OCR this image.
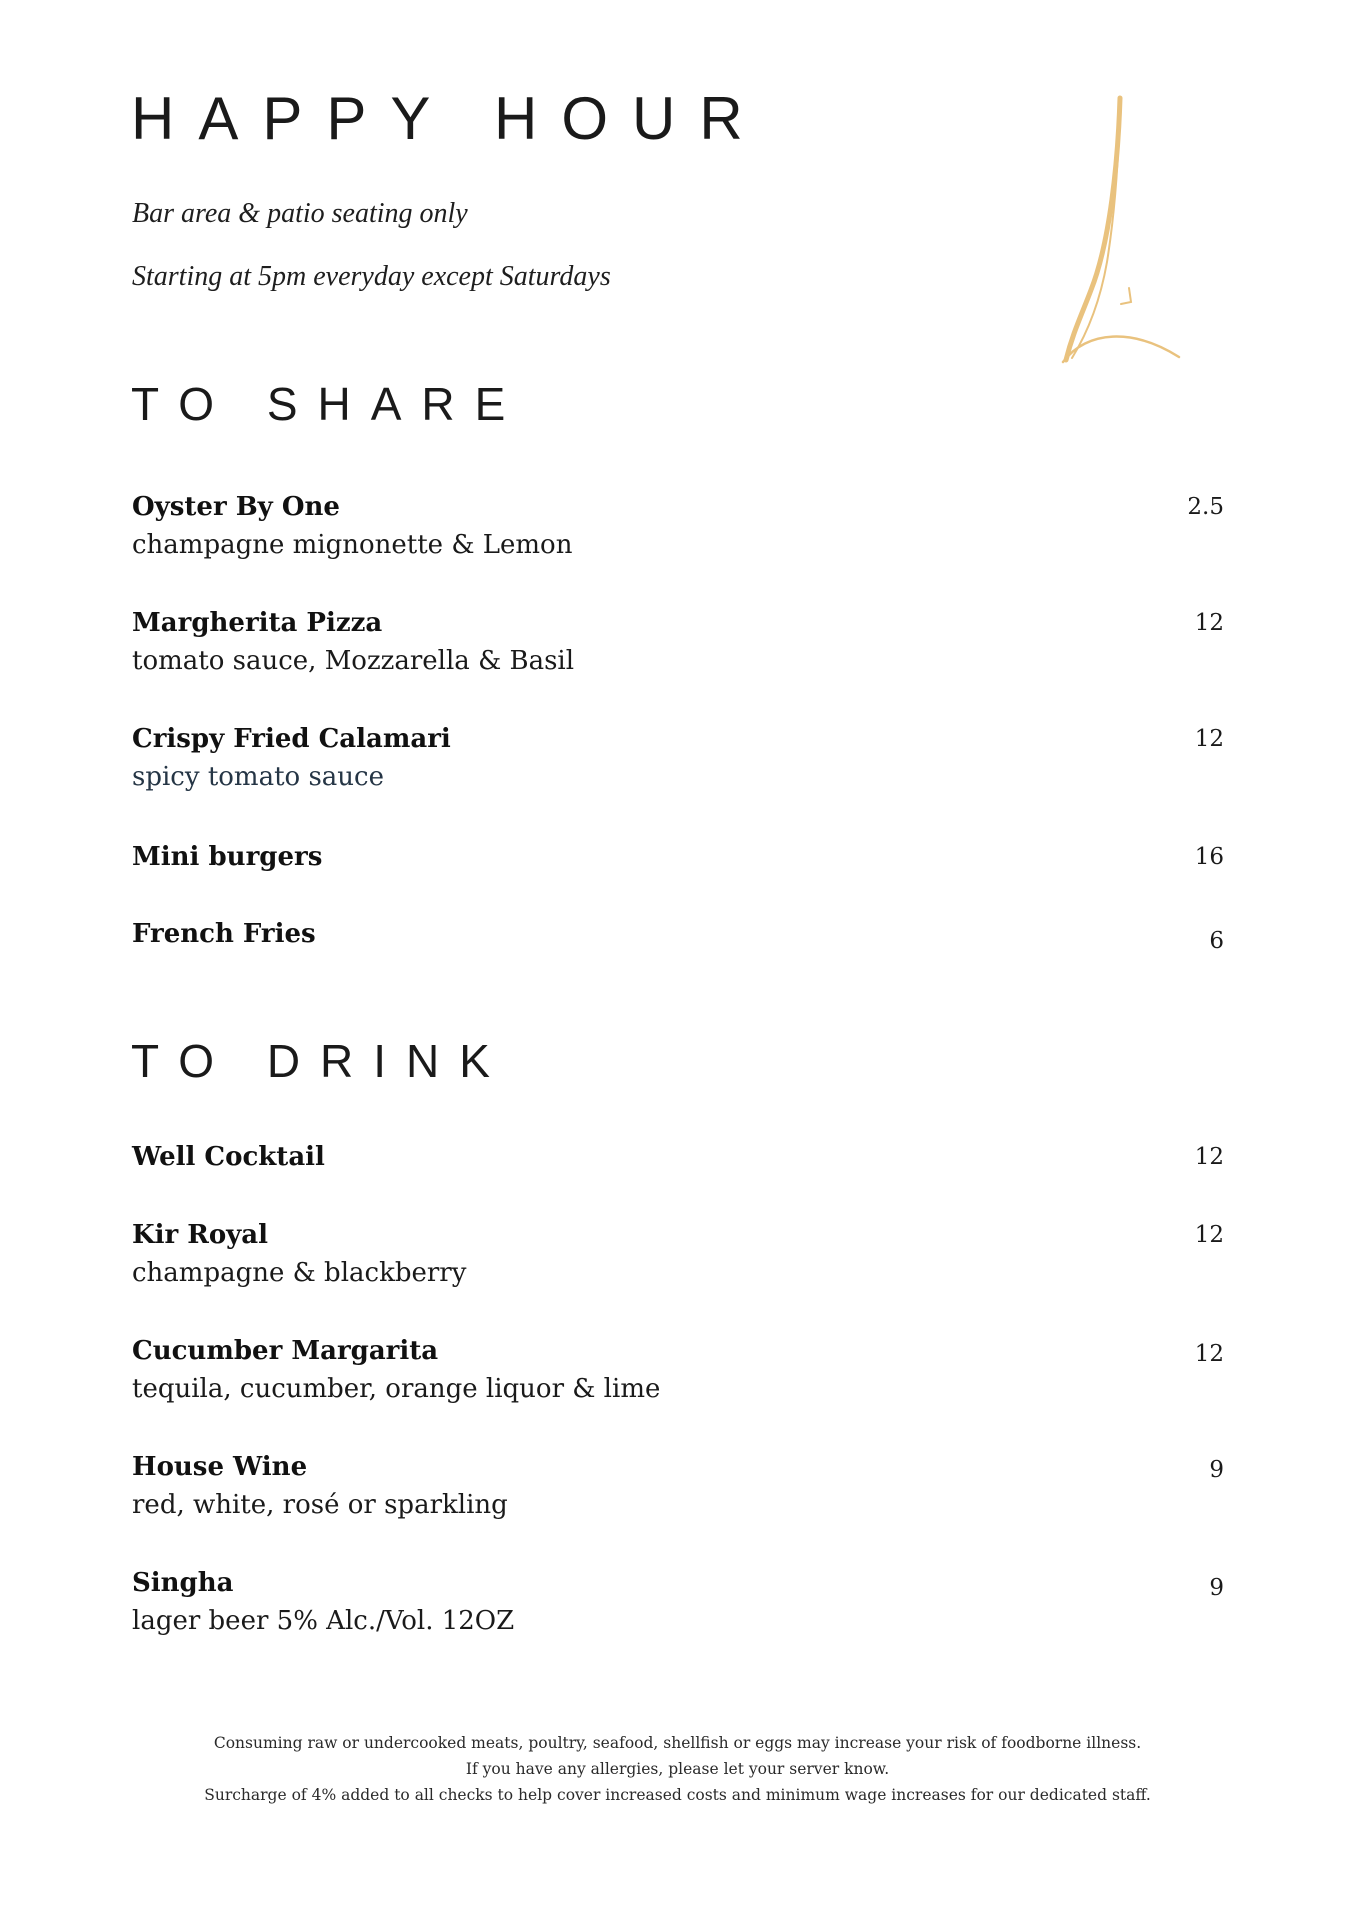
HAPPY HOUR

Bar area & patio seating only

Starting at 5pm everyday except Saturdays

TO SHARE
Oyster By One	2.5
champagne mignonette & Lemon
Margherita Pizza	12
tomato sauce, Mozzarella & Basil
Crispy Fried Calamari	12
spicy tomato sauce
Mini burgers	16
French Fries	6
TO DRINK
Well Cocktail	12
Kir Royal	12
champagne & blackberry
Cucumber Margarita	12
tequila, cucumber, orange liquor & lime
House Wine	9
red, white, rosé or sparkling
Singha	9
lager beer 5% Alc./Vol. 12OZ

Consuming raw or undercooked meats, poultry, seafood, shellfish or eggs may increase your risk of foodborne illness.

If you have any allergies, please let your server know.

Surcharge of 4% added to all checks to help cover increased costs and minimum wage increases for our dedicated staff.
